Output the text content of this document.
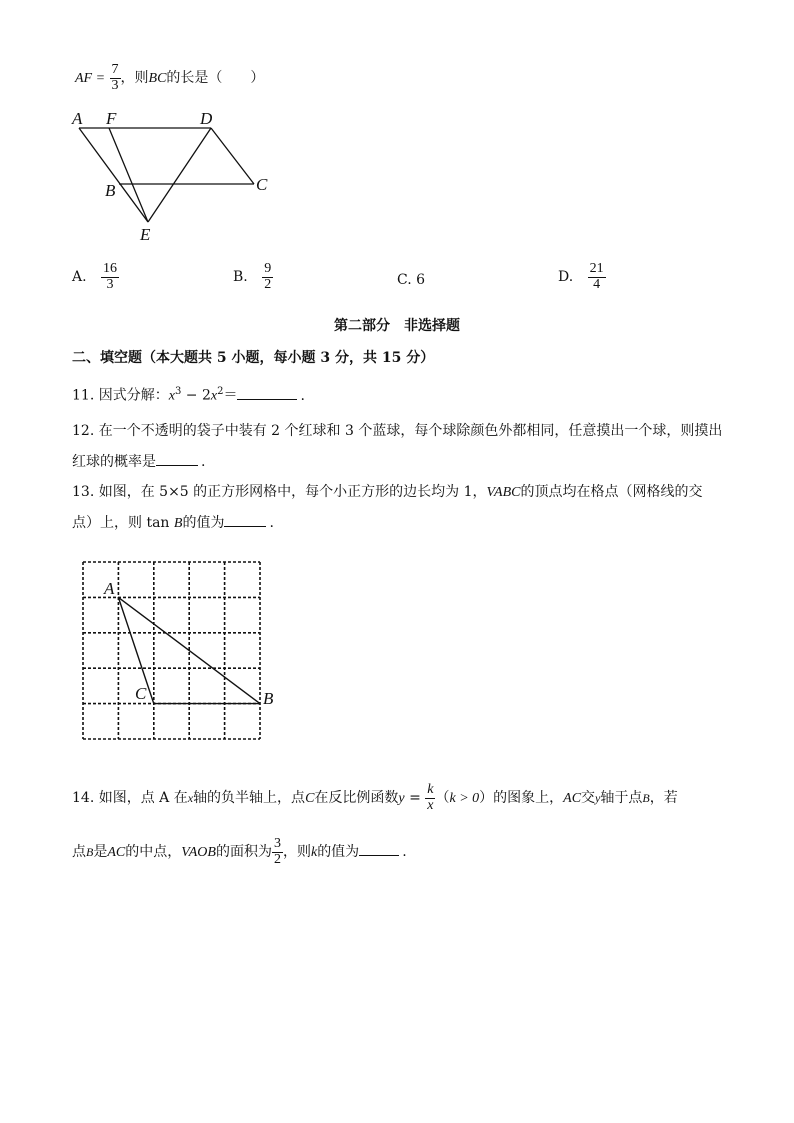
AF = $\frac{7}{3}$ ，则BC的长是（　　）
A F	D
B	C
E
A. $\frac{16}{3}$	B. $\frac{9}{2}$	C. 6	D. $\frac{21}{4}$
第二部分　非选择题
二、填空题（本大题共 5 小题，每小题 3 分，共 15 分）
11. 因式分解：$x^3 - 2x^2=$	.
12. 在一个不透明的袋子中装有 2 个红球和 3 个蓝球，每个球除颜色外都相同，任意摸出一个球，则摸出
红球的概率是	.
13. 如图，在 5×5 的正方形网格中，每个小正方形的边长均为 1，VABC的顶点均在格点（网格线的交
点）上，则 tan B的值为	.
A
C	B
14. 如图，点 A 在x轴的负半轴上，点C在反比例函数$y = \frac{k}{x} (k > 0)$的图象上，AC交y轴于点B，若
点B是AC的中点，VAOB的面积为 $\frac{3}{2}$ ，则k的值为	.
